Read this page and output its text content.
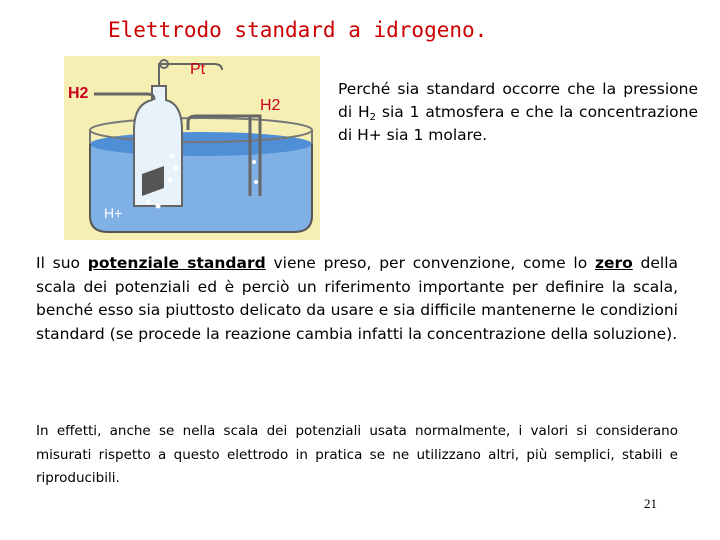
Elettrodo standard a idrogeno.
Pt
H2
H2
H+
Perché sia standard occorre che la pressione di $H_2$ sia 1 atmosfera e che la concentrazione di H+ sia 1 molare.
Il suo potenziale standard viene preso, per convenzione, come lo zero della scala dei potenziali ed è perciò un riferimento importante per definire la scala, benché esso sia piuttosto delicato da usare e sia difficile mantenerne le condizioni standard (se procede la reazione cambia infatti la concentrazione della soluzione).
In effetti, anche se nella scala dei potenziali usata normalmente, i valori si considerano misurati rispetto a questo elettrodo in pratica se ne utilizzano altri, più semplici, stabili e riproducibili.
21
